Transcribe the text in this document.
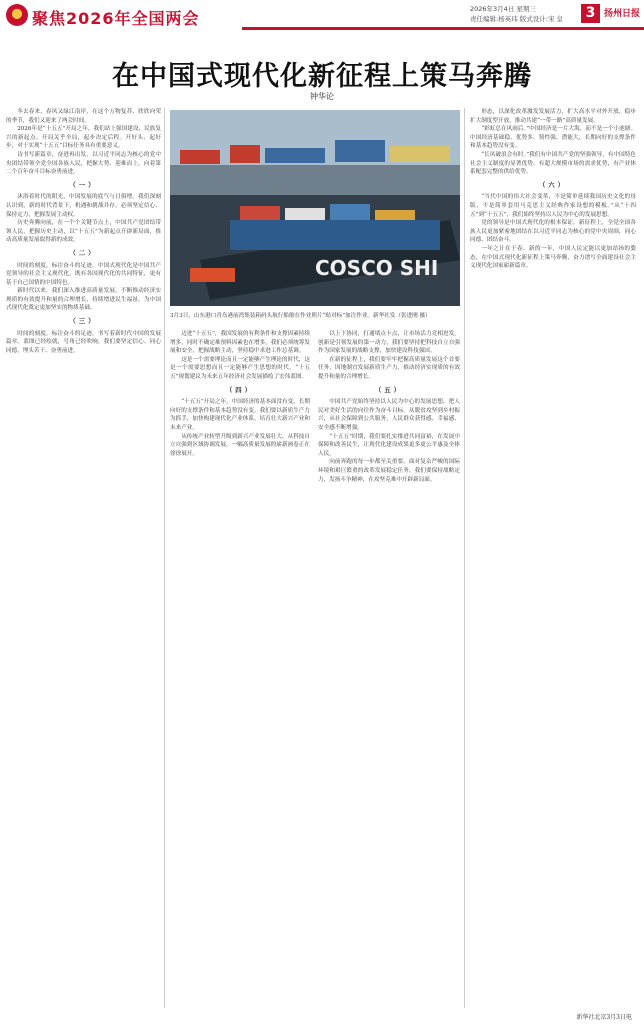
聚焦2026年全国两会	2026年3月4日 星期三
责任编辑:杨英玮 版式设计:宋 皇	3 扬州日报
在中国式现代化新征程上策马奔腾
钟华论

冬去春来，春风又绿江南岸，在这个万物复苏、欣欣向荣的季节，我们又迎来了两会时间。

2026年是“十五五”开局之年，我们站上强国建设、民族复兴的新起点。开局关乎全局，起步决定后程。开好头、起好步，对于实现“十五五”目标任务具有重要意义。

诗书写新篇章，奋进再出发。以习近平同志为核心的党中央团结带领全党全国各族人民，把握大势、迎难而上，向着第二个百年奋斗目标奋勇前进。

（一）

沐浴着时代的阳光，中国发展的底气与日俱增。我们深刻认识到，新的时代背景下，机遇和挑战并存，必须坚定信心、保持定力，把握发展主动权。

历史奔腾向前，在一个个关键节点上，中国共产党团结带领人民，把握历史主动，以“十五五”为新起点开辟新局面，推动高质量发展取得新的成效。

（二）

时间的刻度，标注奋斗的足迹。中国式现代化是中国共产党领导的社会主义现代化，既有各国现代化的共同特征，更有基于自己国情的中国特色。

新时代以来，我们深入推进高质量发展，不断推动经济实现质的有效提升和量的合理增长，持续增进民生福祉，为中国式现代化奠定更加坚实的物质基础。

（三）

时间的刻度，标注奋斗的足迹，书写着新时代中国的发展篇章。蓝图已经绘就，号角已经吹响，我们要坚定信心、同心同德，埋头苦干、奋勇前进。

COSCO SHI
3月3日，山东港口青岛港前湾集装箱码头航行船舶在作业照片“贴对标”加注作业。新华社发（张进刚 摄）

迈进“十五五”，我国发展的有利条件和支撑因素持续增多，同时不确定难预料因素也在增多。我们必须统筹发展和安全，把握战略主动，坚持稳中求进工作总基调。

这是一个需要理论而且一定能够产生理论的时代，这是一个需要思想而且一定能够产生思想的时代。“十五五”规划建议为未来五年经济社会发展描绘了宏伟蓝图。

（四）

“十五五”开局之年，中国经济的基本面没有变，长期向好的支撑条件和基本趋势没有变。我们要以新质生产力为抓手，加快构建现代化产业体系，培育壮大新兴产业和未来产业。

从传统产业转型升级到新兴产业发展壮大，从科技自立自强到区域协调发展，一幅高质量发展的崭新画卷正在徐徐展开。

以上下协同，打通堵点卡点，让市场活力竞相迸发。创新是引领发展的第一动力，我们要坚持把科技自立自强作为国家发展的战略支撑，加快建设科技强国。

在新的征程上，我们要牢牢把握高质量发展这个首要任务，因地制宜发展新质生产力，推动经济实现质的有效提升和量的合理增长。

（五）

中国共产党始终坚持以人民为中心的发展思想，把人民对美好生活的向往作为奋斗目标。从脱贫攻坚到乡村振兴，从社会保障到公共服务，人民群众获得感、幸福感、安全感不断增强。

“十五五”时期，我们要扎实推进共同富裕，在发展中保障和改善民生，让现代化建设成果更多更公平惠及全体人民。

向前奔跑的每一步都至关重要。面对复杂严峻的国际环境和艰巨繁重的改革发展稳定任务，我们要保持战略定力，发扬斗争精神，在攻坚克难中开辟新局面。

形态，以深化改革激发发展活力，扩大高水平对外开放，稳步扩大制度型开放，推动共建“一带一路”高质量发展。

“彩虹总在风雨后。”中国经济是一片大海，而不是一个小池塘。中国经济基础稳、优势多、韧性强、潜能大，长期向好的支撑条件和基本趋势没有变。

“长风破浪会有时。”我们有中国共产党的坚强领导，有中国特色社会主义制度的显著优势，有超大规模市场的需求优势，有产业体系配套完整的供给优势。

（六）

“当代中国的伟大社会变革，不是简单延续我国历史文化的母版，不是简单套用马克思主义经典作家设想的模板。”从“十四五”到“十五五”，我们始终坚持以人民为中心的发展思想。

党的领导是中国式现代化的根本保证。新征程上，全党全国各族人民更加紧密地团结在以习近平同志为核心的党中央周围，同心同德、团结奋斗。

一年之计在于春。新的一年，中国人民定能以更加昂扬的姿态，在中国式现代化新征程上策马奔腾，奋力谱写全面建设社会主义现代化国家崭新篇章。

新华社北京3月3日电
